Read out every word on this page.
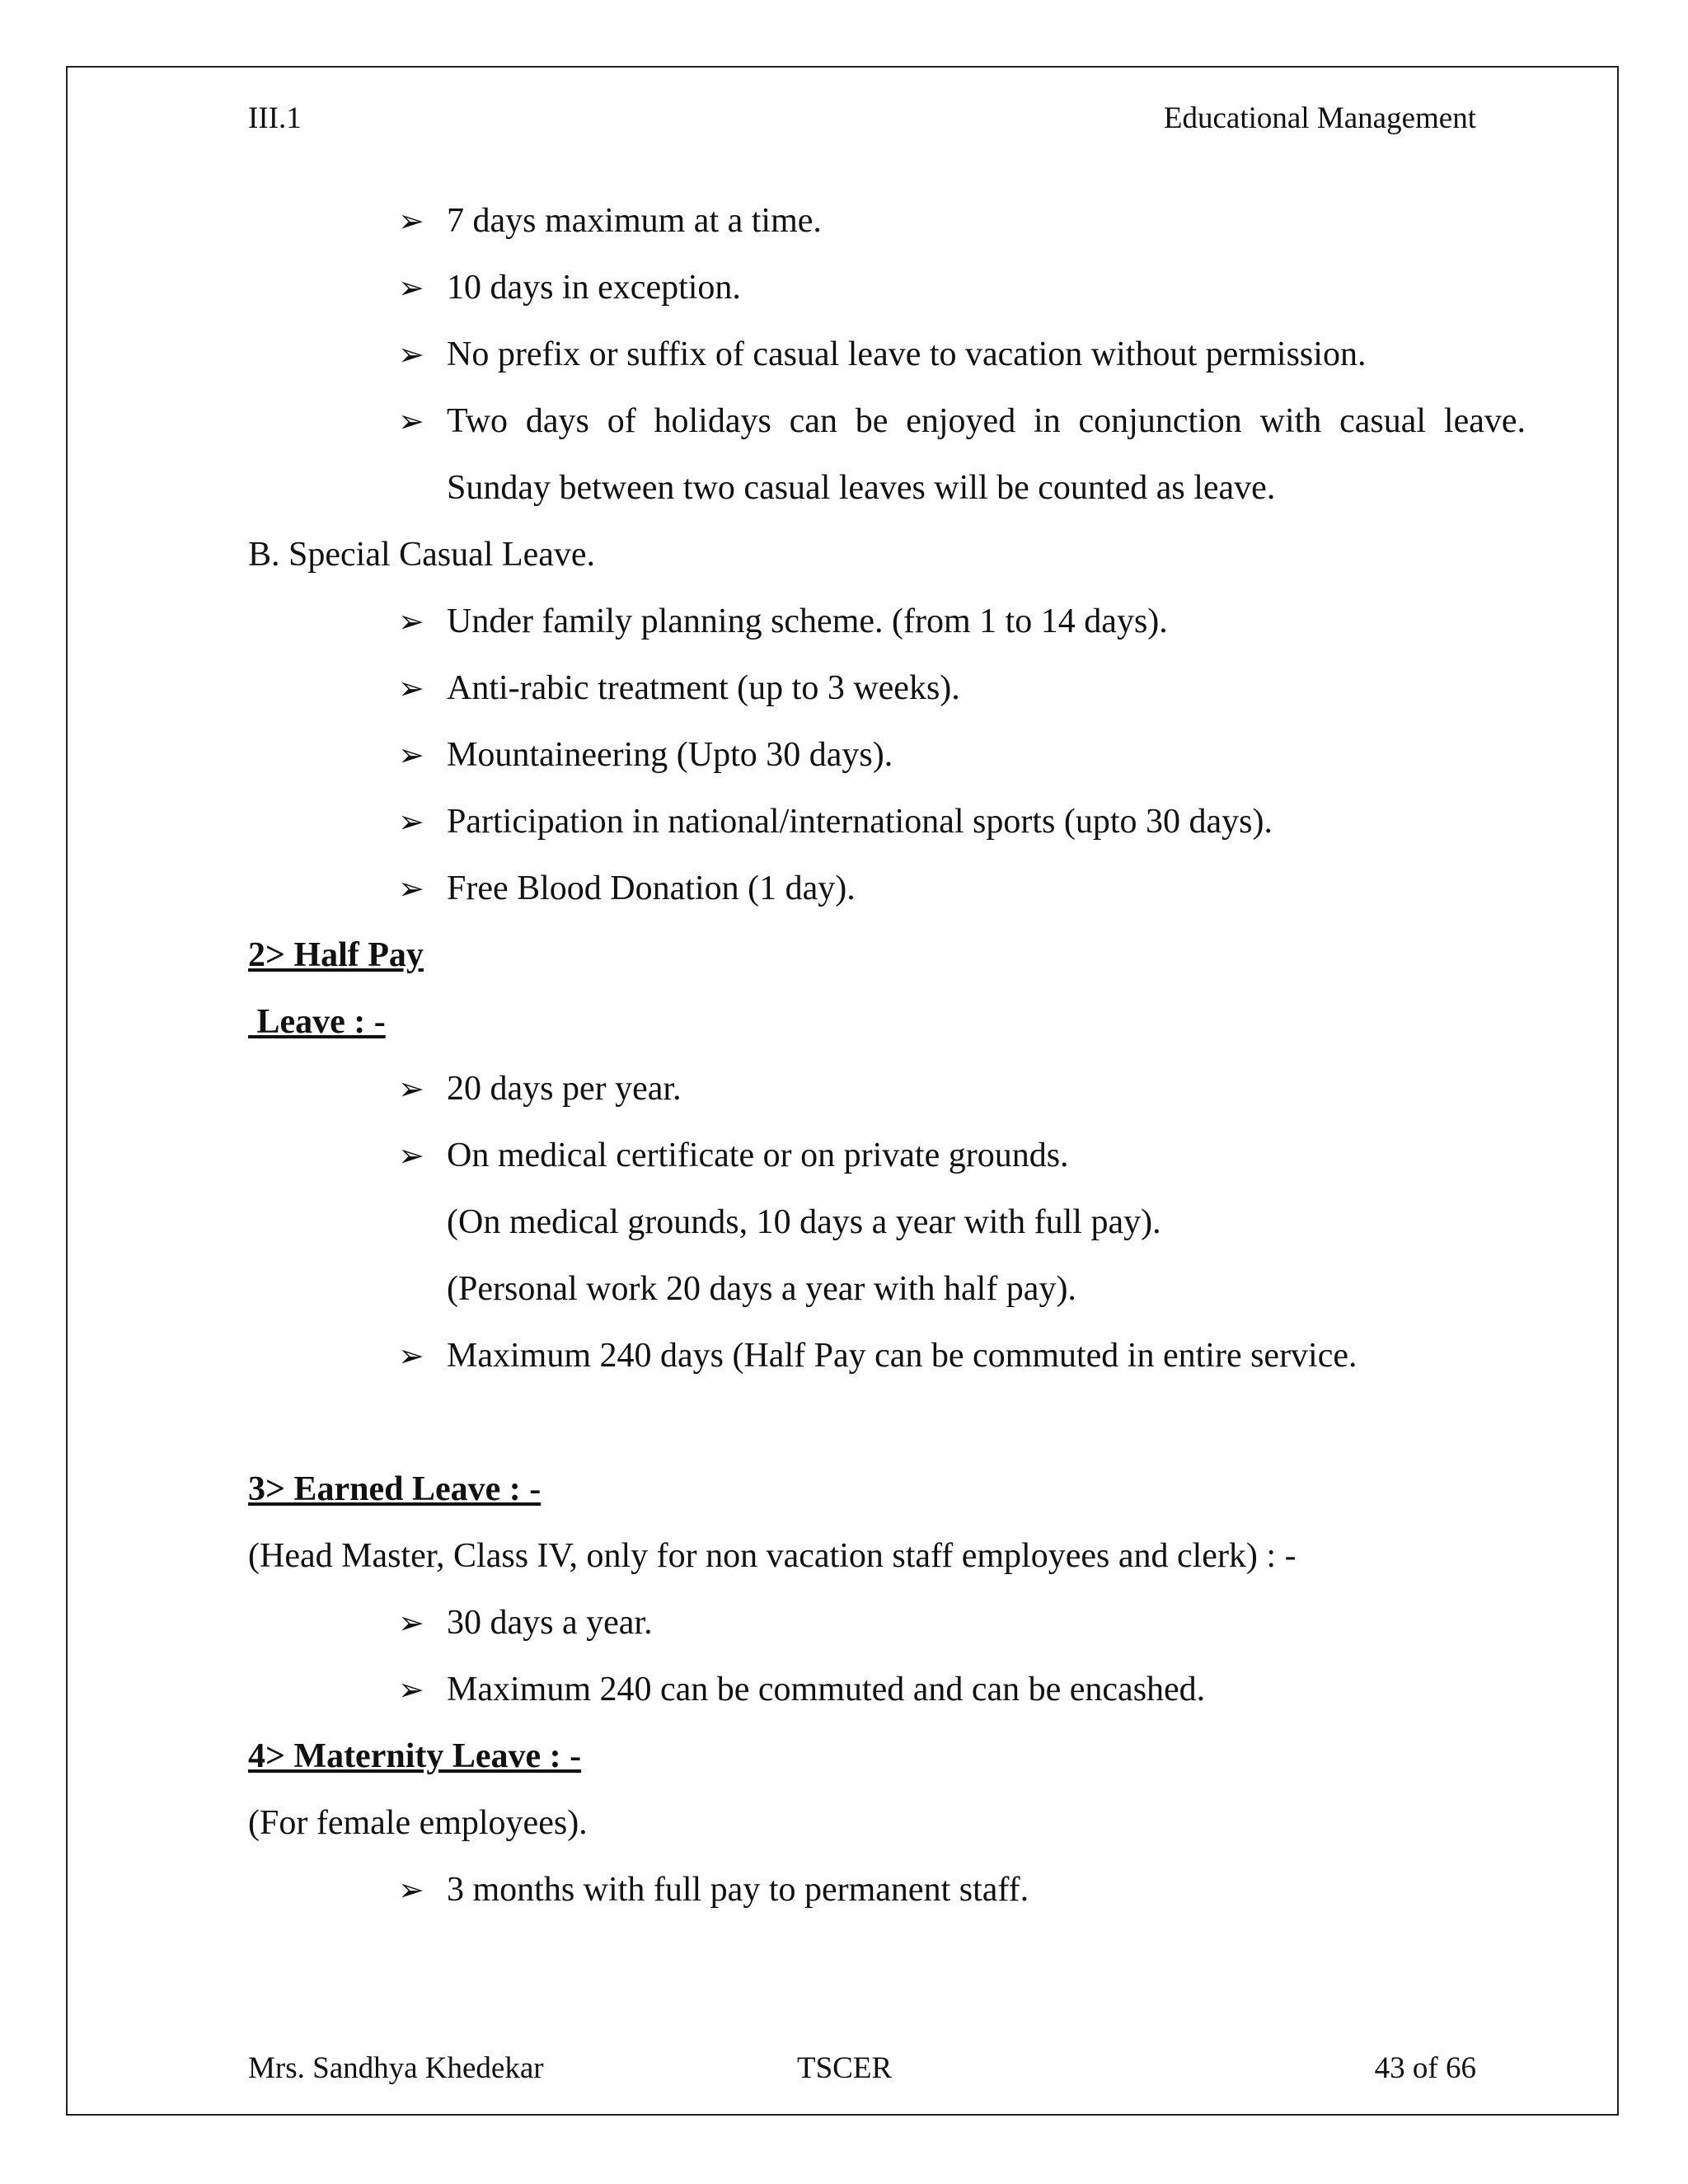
III.1	Educational Management
➢ 7 days maximum at a time.
➢ 10 days in exception.
➢ No prefix or suffix of casual leave to vacation without permission.
➢ Two days of holidays can be enjoyed in conjunction with casual leave. Sunday between two casual leaves will be counted as leave.
B. Special Casual Leave.
➢ Under family planning scheme. (from 1 to 14 days).
➢ Anti-rabic treatment (up to 3 weeks).
➢ Mountaineering (Upto 30 days).
➢ Participation in national/international sports (upto 30 days).
➢ Free Blood Donation (1 day).
2> Half Pay
Leave : -
➢ 20 days per year.
➢ On medical certificate or on private grounds.
(On medical grounds, 10 days a year with full pay).
(Personal work 20 days a year with half pay).
➢ Maximum 240 days (Half Pay can be commuted in entire service.
3> Earned Leave : -
(Head Master, Class IV, only for non vacation staff employees and clerk) : -
➢ 30 days a year.
➢ Maximum 240 can be commuted and can be encashed.
4> Maternity Leave : -
(For female employees).
➢ 3 months with full pay to permanent staff.
Mrs. Sandhya Khedekar	TSCER	43 of 66
